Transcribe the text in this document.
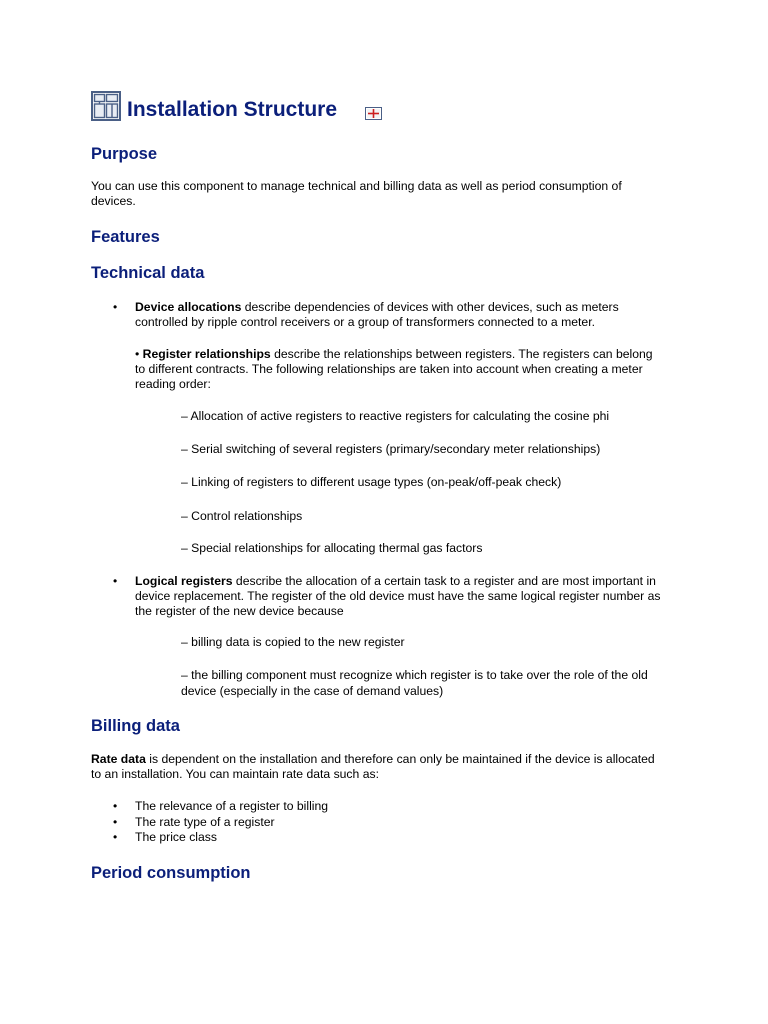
Installation Structure
Purpose

You can use this component to manage technical and billing data as well as period consumption of

devices.

Features
Technical data
• Device allocations describe dependencies of devices with other devices, such as meters

controlled by ripple control receivers or a group of transformers connected to a meter.

• Register relationships describe the relationships between registers. The registers can belong

to different contracts. The following relationships are taken into account when creating a meter

reading order:

– Allocation of active registers to reactive registers for calculating the cosine phi

– Serial switching of several registers (primary/secondary meter relationships)

– Linking of registers to different usage types (on-peak/off-peak check)

– Control relationships

– Special relationships for allocating thermal gas factors

• Logical registers describe the allocation of a certain task to a register and are most important in

device replacement. The register of the old device must have the same logical register number as

the register of the new device because

– billing data is copied to the new register

– the billing component must recognize which register is to take over the role of the old

device (especially in the case of demand values)

Billing data

Rate data is dependent on the installation and therefore can only be maintained if the device is allocated

to an installation. You can maintain rate data such as:

• The relevance of a register to billing

• The rate type of a register

• The price class

Period consumption
